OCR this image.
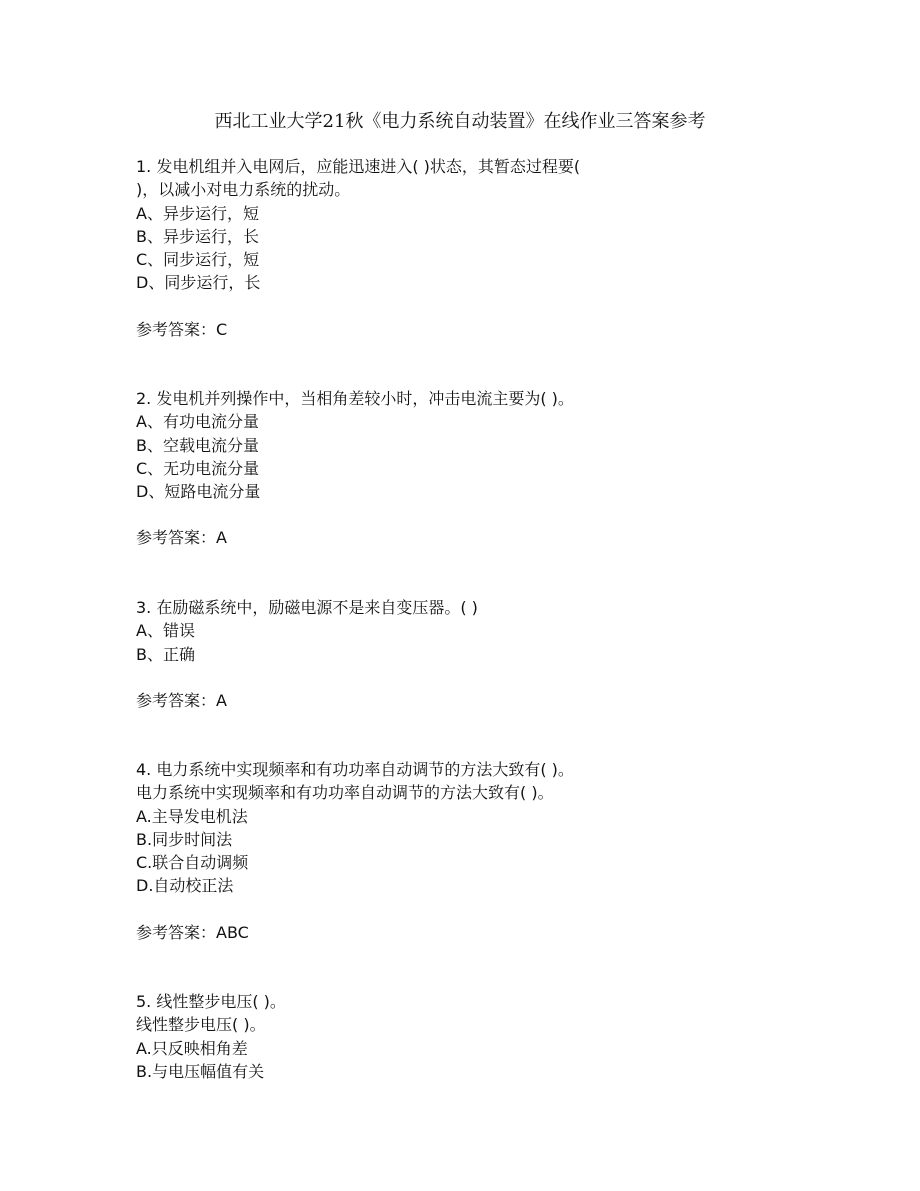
西北工业大学21秋《电力系统自动装置》在线作业三答案参考
1. 发电机组并入电网后，应能迅速进入( )状态，其暂态过程要(
)，以减小对电力系统的扰动。
A、异步运行，短
B、异步运行，长
C、同步运行，短
D、同步运行，长
参考答案：C
2. 发电机并列操作中，当相角差较小时，冲击电流主要为( )。
A、有功电流分量
B、空载电流分量
C、无功电流分量
D、短路电流分量
参考答案：A
3. 在励磁系统中，励磁电源不是来自变压器。( )
A、错误
B、正确
参考答案：A
4. 电力系统中实现频率和有功功率自动调节的方法大致有( )。
电力系统中实现频率和有功功率自动调节的方法大致有( )。
A.主导发电机法
B.同步时间法
C.联合自动调频
D.自动校正法
参考答案：ABC
5. 线性整步电压( )。
线性整步电压( )。
A.只反映相角差
B.与电压幅值有关
